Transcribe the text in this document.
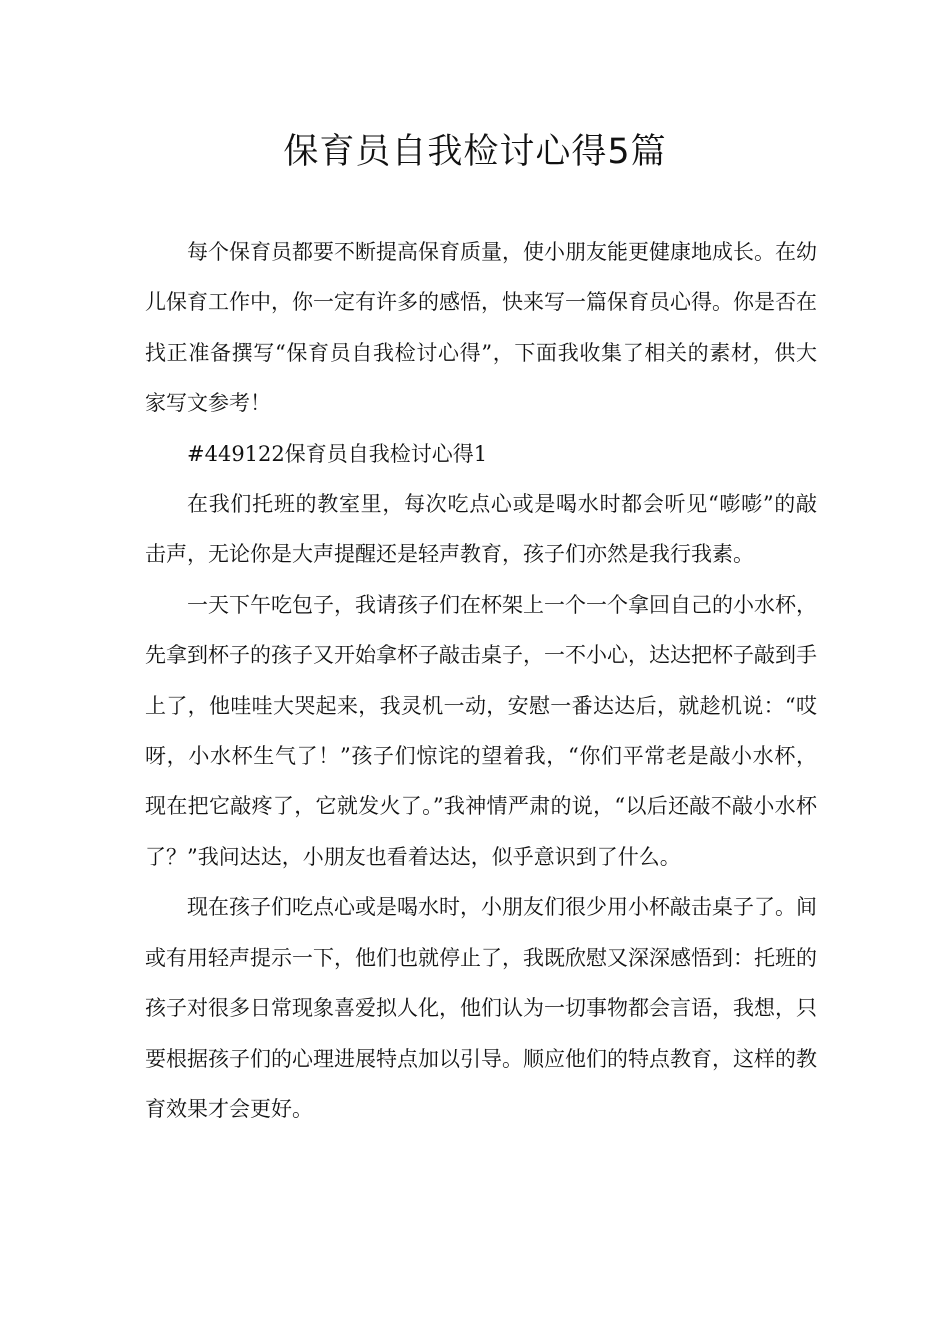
保育员自我检讨心得5篇

每个保育员都要不断提高保育质量，使小朋友能更健康地成长。在幼儿保育工作中，你一定有许多的感悟，快来写一篇保育员心得。你是否在找正准备撰写“保育员自我检讨心得”，下面我收集了相关的素材，供大家写文参考！

#449122保育员自我检讨心得1

在我们托班的教室里，每次吃点心或是喝水时都会听见“嘭嘭”的敲击声，无论你是大声提醒还是轻声教育，孩子们亦然是我行我素。

一天下午吃包子，我请孩子们在杯架上一个一个拿回自己的小水杯，先拿到杯子的孩子又开始拿杯子敲击桌子，一不小心，达达把杯子敲到手上了，他哇哇大哭起来，我灵机一动，安慰一番达达后，就趁机说：“哎呀，小水杯生气了！”孩子们惊诧的望着我，“你们平常老是敲小水杯，现在把它敲疼了，它就发火了。”我神情严肃的说，“以后还敲不敲小水杯了？”我问达达，小朋友也看着达达，似乎意识到了什么。

现在孩子们吃点心或是喝水时，小朋友们很少用小杯敲击桌子了。间或有用轻声提示一下，他们也就停止了，我既欣慰又深深感悟到：托班的孩子对很多日常现象喜爱拟人化，他们认为一切事物都会言语，我想，只要根据孩子们的心理进展特点加以引导。顺应他们的特点教育，这样的教育效果才会更好。
